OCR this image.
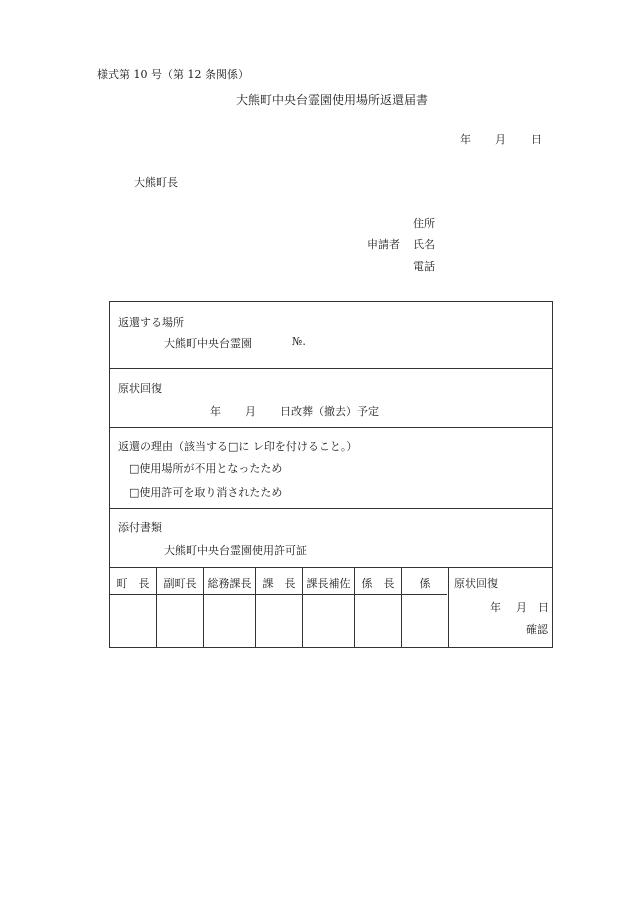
様式第 10 号（第 12 条関係）
大熊町中央台霊園使用場所返還届書
年 月 日
大熊町長
住所
申請者 氏名
電話
返還する場所
大熊町中央台霊園	№.
原状回復
年 月 日改葬（撤去）予定
返還の理由（該当する□に レ印を付けること。）
□使用場所が不用となったため
□使用許可を取り消されたため
添付書類
大熊町中央台霊園使用許可証
町　長	副町長	総務課長	課　長	課長補佐	係　長	係	原状回復
年 月 日
確認
